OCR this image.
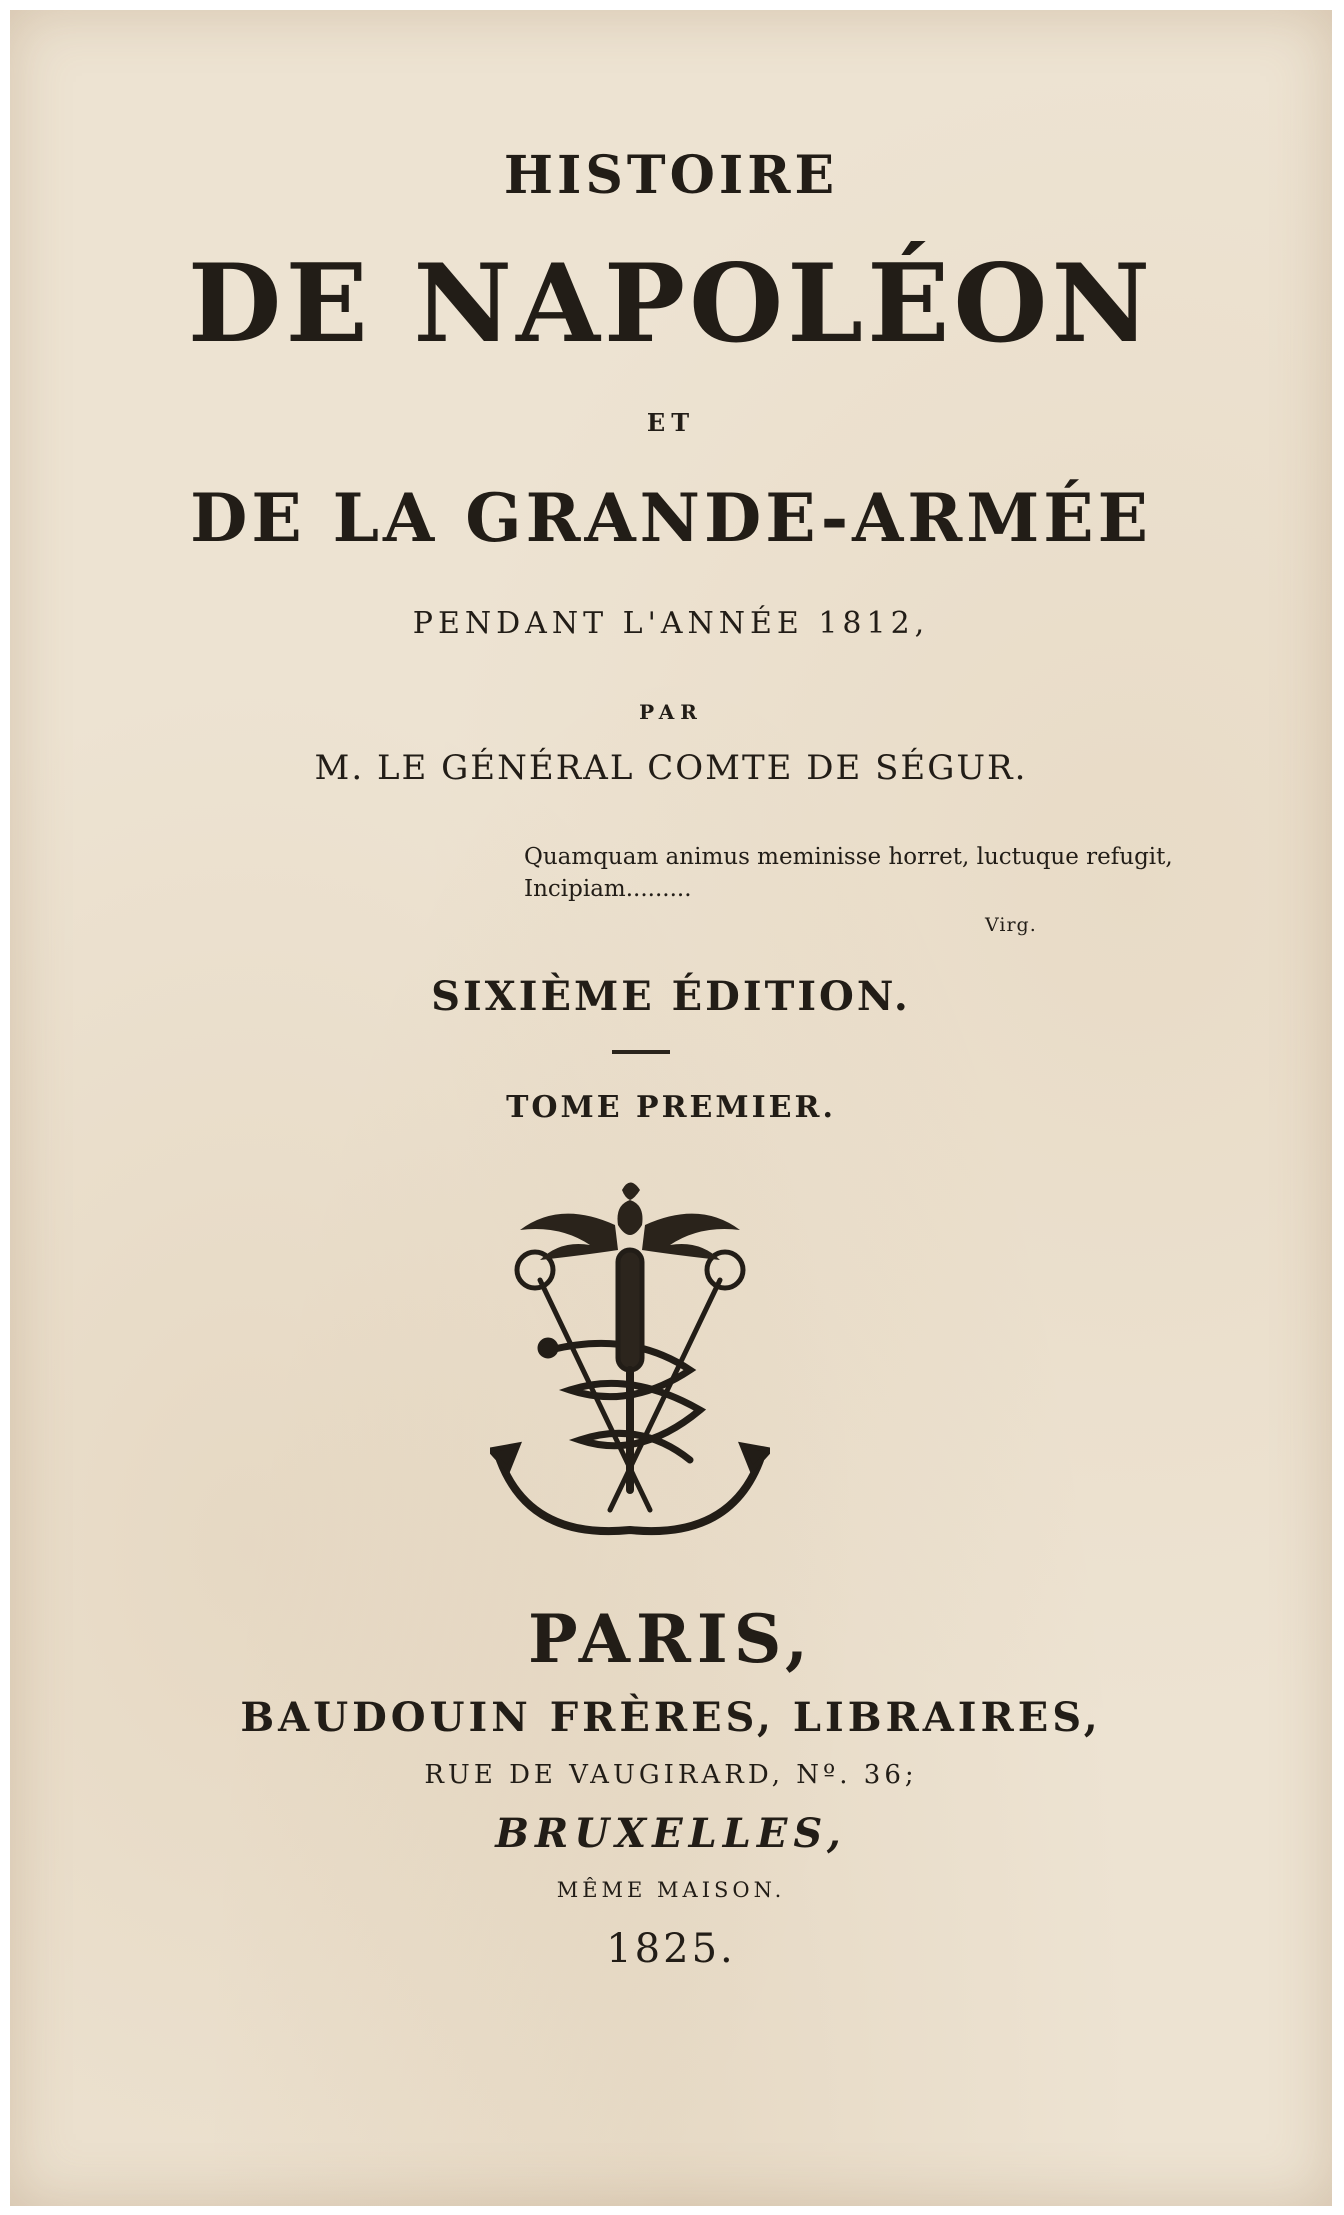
HISTOIRE
DE NAPOLÉON
ET
DE LA GRANDE-ARMÉE
PENDANT L'ANNÉE 1812,
PAR
M. LE GÉNÉRAL COMTE DE SÉGUR.
Quamquam animus meminisse horret, luctuque refugit,
Incipiam.........
Virg.
SIXIÈME ÉDITION.
TOME PREMIER.
PARIS,
BAUDOUIN FRÈRES, LIBRAIRES,
RUE DE VAUGIRARD, Nº. 36;
BRUXELLES,
MÊME MAISON.
1825.
